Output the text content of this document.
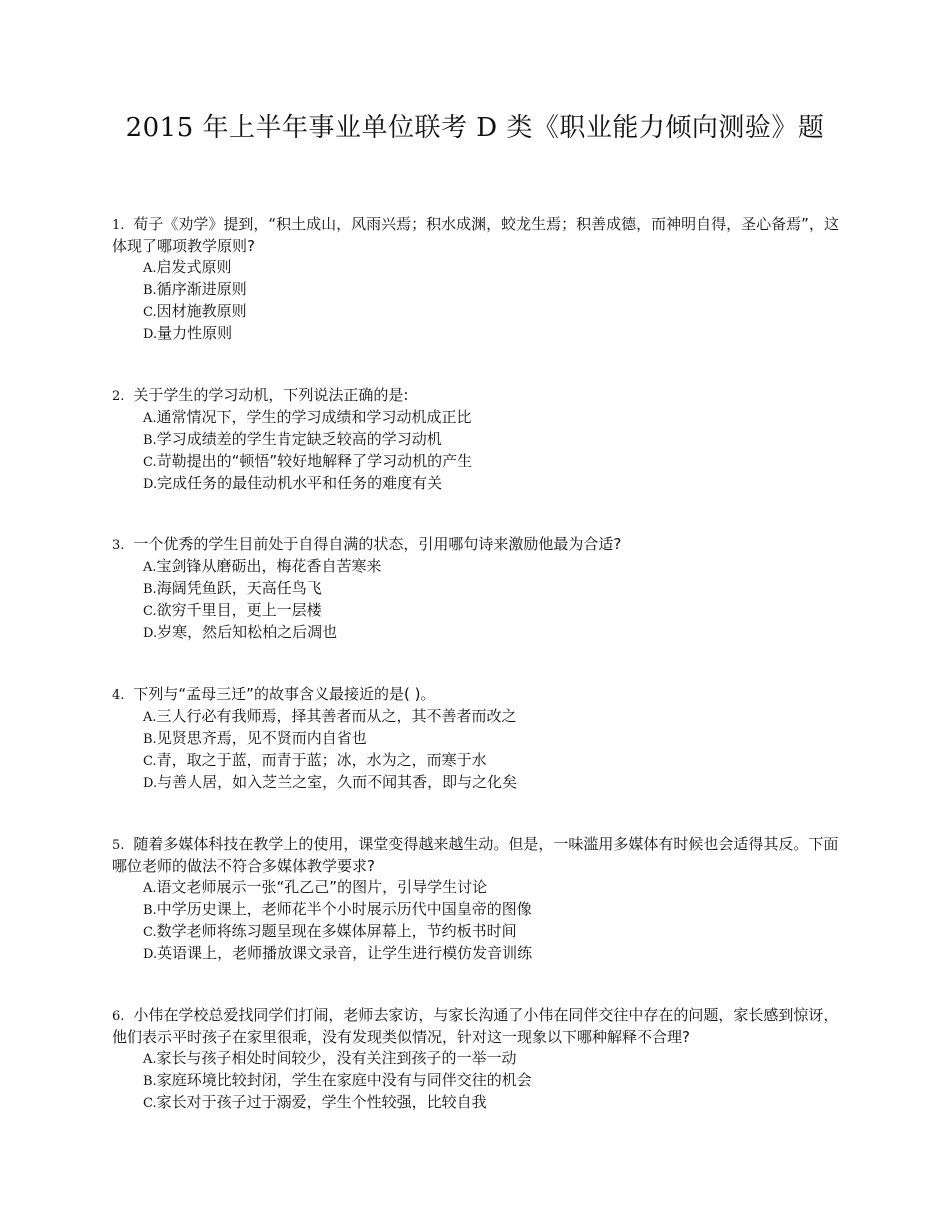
2015 年上半年事业单位联考 D 类《职业能力倾向测验》题

1. 荀子《劝学》提到，“积土成山，风雨兴焉；积水成渊，蛟龙生焉；积善成德，而神明自得，圣心备焉”，这体现了哪项教学原则?

A.启发式原则
B.循序渐进原则
C.因材施教原则
D.量力性原则

2. 关于学生的学习动机，下列说法正确的是:

A.通常情况下，学生的学习成绩和学习动机成正比
B.学习成绩差的学生肯定缺乏较高的学习动机
C.苛勒提出的“顿悟”较好地解释了学习动机的产生
D.完成任务的最佳动机水平和任务的难度有关

3. 一个优秀的学生目前处于自得自满的状态，引用哪句诗来激励他最为合适?

A.宝剑锋从磨砺出，梅花香自苦寒来
B.海阔凭鱼跃，天高任鸟飞
C.欲穷千里目，更上一层楼
D.岁寒，然后知松柏之后凋也

4. 下列与“孟母三迁”的故事含义最接近的是( )。

A.三人行必有我师焉，择其善者而从之，其不善者而改之
B.见贤思齐焉，见不贤而内自省也
C.青，取之于蓝，而青于蓝；冰，水为之，而寒于水
D.与善人居，如入芝兰之室，久而不闻其香，即与之化矣

5. 随着多媒体科技在教学上的使用，课堂变得越来越生动。但是，一味滥用多媒体有时候也会适得其反。下面哪位老师的做法不符合多媒体教学要求?

A.语文老师展示一张“孔乙己”的图片，引导学生讨论
B.中学历史课上，老师花半个小时展示历代中国皇帝的图像
C.数学老师将练习题呈现在多媒体屏幕上，节约板书时间
D.英语课上，老师播放课文录音，让学生进行模仿发音训练

6. 小伟在学校总爱找同学们打闹，老师去家访，与家长沟通了小伟在同伴交往中存在的问题，家长感到惊讶，他们表示平时孩子在家里很乖，没有发现类似情况，针对这一现象以下哪种解释不合理?

A.家长与孩子相处时间较少，没有关注到孩子的一举一动
B.家庭环境比较封闭，学生在家庭中没有与同伴交往的机会
C.家长对于孩子过于溺爱，学生个性较强，比较自我
